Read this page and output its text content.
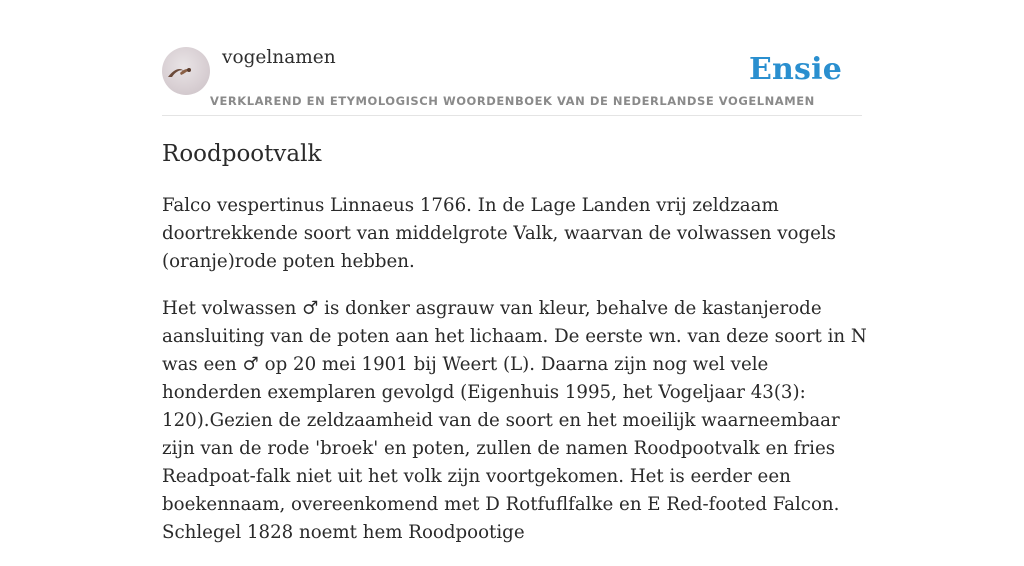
vogelnamen	Ensie
VERKLAREND EN ETYMOLOGISCH WOORDENBOEK VAN DE NEDERLANDSE VOGELNAMEN
Roodpootvalk

Falco vespertinus Linnaeus 1766. In de Lage Landen vrij zeldzaam doortrekkende soort van middelgrote Valk, waarvan de volwassen vogels (oranje)rode poten hebben.

Het volwassen ♂ is donker asgrauw van kleur, behalve de kastanjerode aansluiting van de poten aan het lichaam. De eerste wn. van deze soort in N was een ♂ op 20 mei 1901 bij Weert (L). Daarna zijn nog wel vele honderden exemplaren gevolgd (Eigenhuis 1995, het Vogeljaar 43(3): 120).Gezien de zeldzaamheid van de soort en het moeilijk waarneembaar zijn van de rode 'broek' en poten, zullen de namen Roodpootvalk en fries Readpoat-falk niet uit het volk zijn voortgekomen. Het is eerder een boekennaam, overeenkomend met D Rotfuflfalke en E Red-footed Falcon. Schlegel 1828 noemt hem Roodpootige
